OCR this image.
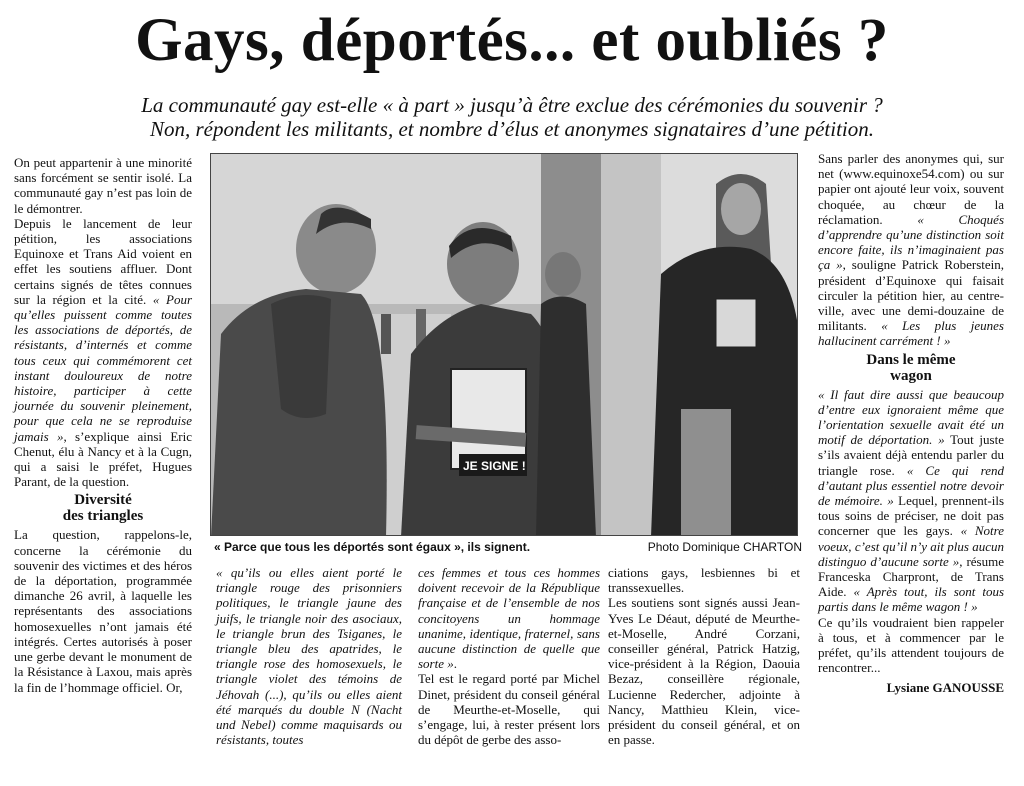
Gays, déportés... et oubliés ?
La communauté gay est-elle « à part » jusqu’à être exclue des cérémonies du souvenir ?
Non, répondent les militants, et nombre d’élus et anonymes signataires d’une pétition.

On peut appartenir à une minorité sans forcément se sentir isolé. La communauté gay n’est pas loin de le démontrer.

Depuis le lancement de leur pétition, les associations Equinoxe et Trans Aid voient en effet les soutiens affluer. Dont certains signés de têtes connues sur la région et la cité. « Pour qu’elles puissent comme toutes les associations de déportés, de résistants, d’internés et comme tous ceux qui commémorent cet instant douloureux de notre histoire, participer à cette journée du souvenir pleinement, pour que cela ne se reproduise jamais », s’explique ainsi Eric Chenut, élu à Nancy et à la Cugn, qui a saisi le préfet, Hugues Parant, de la question.

Diversité
des triangles

La question, rappelons-le, concerne la cérémonie du souvenir des victimes et des héros de la déportation, programmée dimanche 26 avril, à laquelle les représentants des associations homosexuelles n’ont jamais été intégrés. Certes autorisés à poser une gerbe devant le monument de la Résistance à Laxou, mais après la fin de l’hommage officiel. Or,

JE SIGNE !
« Parce que tous les déportés sont égaux », ils signent.	Photo Dominique CHARTON

« qu’ils ou elles aient porté le triangle rouge des prisonniers politiques, le triangle jaune des juifs, le triangle noir des asociaux, le triangle brun des Tsiganes, le triangle bleu des apatrides, le triangle rose des homosexuels, le triangle violet des témoins de Jéhovah (...), qu’ils ou elles aient été marqués du double N (Nacht und Nebel) comme maquisards ou résistants, toutes

ces femmes et tous ces hommes doivent recevoir de la République française et de l’ensemble de nos concitoyens un hommage unanime, identique, fraternel, sans aucune distinction de quelle que sorte ».

Tel est le regard porté par Michel Dinet, président du conseil général de Meurthe-et-Moselle, qui s’engage, lui, à rester présent lors du dépôt de gerbe des asso-

ciations gays, lesbiennes bi et transsexuelles.

Les soutiens sont signés aussi Jean-Yves Le Déaut, député de Meurthe-et-Moselle, André Corzani, conseiller général, Patrick Hatzig, vice-président à la Région, Daouia Bezaz, conseillère régionale, Lucienne Redercher, adjointe à Nancy, Matthieu Klein, vice-président du conseil général, et on en passe.

Sans parler des anonymes qui, sur net (www.equinoxe54.com) ou sur papier ont ajouté leur voix, souvent choquée, au chœur de la réclamation.	« Choqués d’apprendre qu’une distinction soit encore faite, ils n’imaginaient pas ça », souligne Patrick Roberstein, président d’Equinoxe qui faisait circuler la pétition hier, au centre-ville, avec une demi-douzaine de militants. « Les plus jeunes hallucinent carrément ! »

Dans le même
wagon

« Il faut dire aussi que beaucoup d’entre eux ignoraient même que l’orientation sexuelle avait été un motif de déportation. » Tout juste s’ils avaient déjà entendu parler du triangle rose. « Ce qui rend d’autant plus essentiel notre devoir de mémoire. » Lequel, prennent-ils tous soins de préciser, ne doit pas concerner que les gays. « Notre voeux, c’est qu’il n’y ait plus aucun distinguo d’aucune sorte », résume Franceska Charpront, de Trans Aide. « Après tout, ils sont tous partis dans le même wagon ! »

Ce qu’ils voudraient bien rappeler à tous, et à commencer par le préfet, qu’ils attendent toujours de rencontrer...

Lysiane GANOUSSE
